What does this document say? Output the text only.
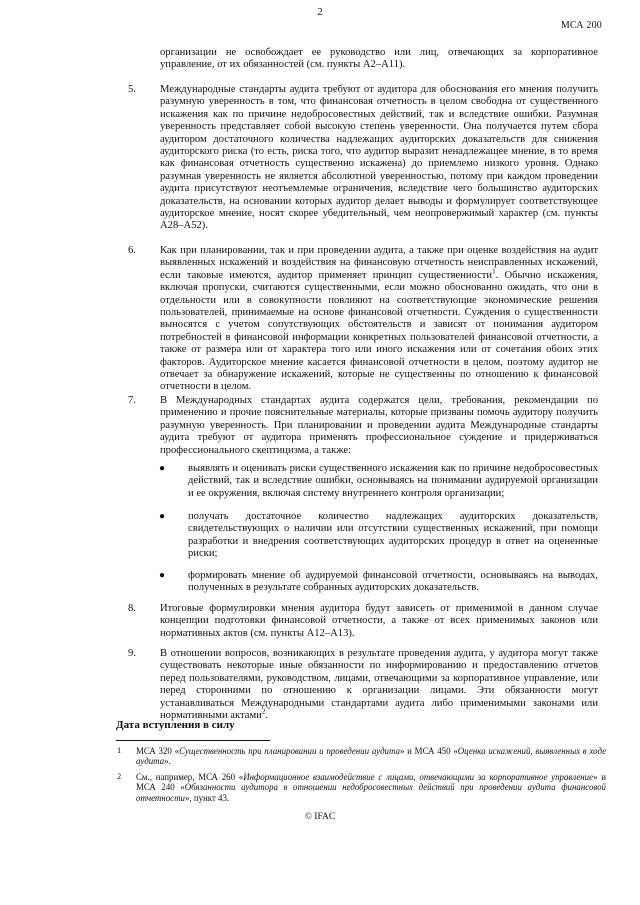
2
МСА 200
организации не освобождает ее руководство или лиц, отвечающих за корпоративное управление, от их обязанностей (см. пункты A2–A11).
5.	Международные стандарты аудита требуют от аудитора для обоснования его мнения получить разумную уверенность в том, что финансовая отчетность в целом свободна от существенного искажения как по причине недобросовестных действий, так и вследствие ошибки. Разумная уверенность представляет собой высокую степень уверенности. Она получается путем сбора аудитором достаточного количества надлежащих аудиторских доказательств для снижения аудиторского риска (то есть, риска того, что аудитор выразит ненадлежащее мнение, в то время как финансовая отчетность существенно искажена) до приемлемо низкого уровня. Однако разумная уверенность не является абсолютной уверенностью, потому при каждом проведении аудита присутствуют неотъемлемые ограничения, вследствие чего большинство аудиторских доказательств, на основании которых аудитор делает выводы и формулирует соответствующее аудиторское мнение, носят скорее убедительный, чем неопровержимый характер (см. пункты A28–A52).
6.	Как при планировании, так и при проведении аудита, а также при оценке воздействия на аудит выявленных искажений и воздействия на финансовую отчетность неисправленных искажений, если таковые имеются, аудитор применяет принцип существенности$^1$. Обычно искажения, включая пропуски, считаются существенными, если можно обоснованно ожидать, что они в отдельности или в совокупности повлияют на соответствующие экономические решения пользователей, принимаемые на основе финансовой отчетности. Суждения о существенности выносятся с учетом сопутствующих обстоятельств и зависят от понимания аудитором потребностей в финансовой информации конкретных пользователей финансовой отчетности, а также от размера или от характера того или иного искажения или от сочетания обоих этих факторов. Аудиторское мнение касается финансовой отчетности в целом, поэтому аудитор не отвечает за обнаружение искажений, которые не существенны по отношению к финансовой отчетности в целом.
7.	В Международных стандартах аудита содержатся цели, требования, рекомендации по применению и прочие пояснительные материалы, которые призваны помочь аудитору получить разумную уверенность. При планировании и проведении аудита Международные стандарты аудита требуют от аудитора применять профессиональное суждение и придерживаться профессионального скептицизма, а также:
●	выявлять и оценивать риски существенного искажения как по причине недобросовестных действий, так и вследствие ошибки, основываясь на понимании аудируемой организации и ее окружения, включая систему внутреннего контроля организации;
●	получать достаточное количество надлежащих аудиторских доказательств, свидетельствующих о наличии или отсутствии существенных искажений, при помощи разработки и внедрения соответствующих аудиторских процедур в ответ на оцененные риски;
●	формировать мнение об аудируемой финансовой отчетности, основываясь на выводах, полученных в результате собранных аудиторских доказательств.
8.	Итоговые формулировки мнения аудитора будут зависеть от применимой в данном случае концепции подготовки финансовой отчетности, а также от всех применимых законов или нормативных актов (см. пункты A12–A13).
9.	В отношении вопросов, возникающих в результате проведения аудита, у аудитора могут также существовать некоторые иные обязанности по информированию и предоставлению отчетов перед пользователями, руководством, лицами, отвечающими за корпоративное управление, или перед сторонними по отношению к организации лицами. Эти обязанности могут устанавливаться Международными стандартами аудита либо применимыми законами или нормативными актами$^2$.
Дата вступления в силу
1 МСА 320 «Существенность при планировании и проведении аудита» и МСА 450 «Оценка искажений, выявленных в ходе аудита».
2 См., например, МСА 260 «Информационное взаимодействие с лицами, отвечающими за корпоративное управление» и МСА 240 «Обязанности аудитора в отношении недобросовестных действий при проведении аудита финансовой отчетности», пункт 43.
© IFAC
